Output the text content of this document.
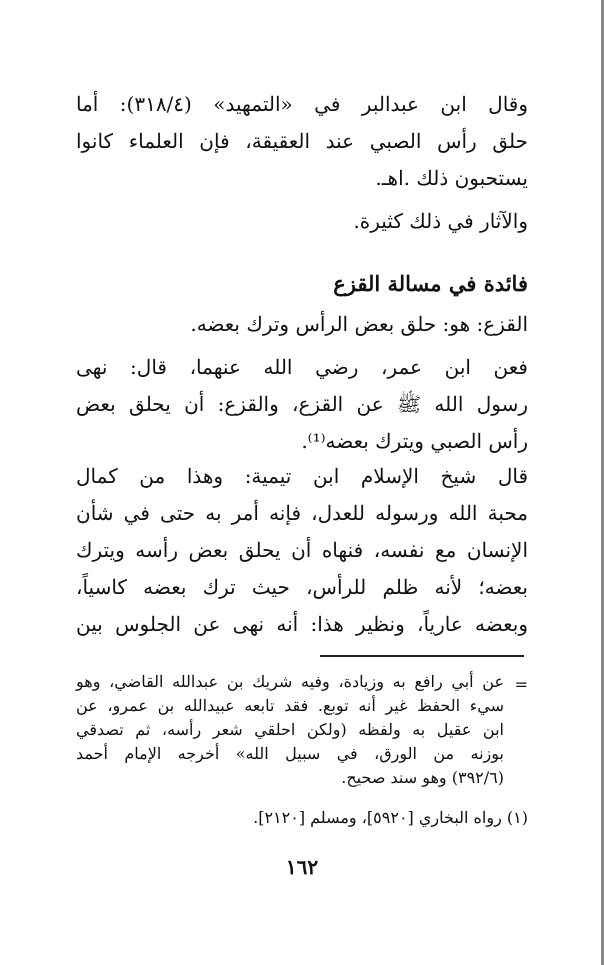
وقال ابن عبدالبر في «التمهيد» (٣١٨/٤): أما
حلق رأس الصبي عند العقيقة، فإن العلماء كانوا
يستحبون ذلك .اهـ.
والآثار في ذلك كثيرة.
فائدة في مسالة القزع
القزع: هو: حلق بعض الرأس وترك بعضه.
فعن ابن عمر، رضي الله عنهما، قال: نهى
رسول الله ﷺ عن القزع، والقزع: أن يحلق بعض
رأس الصبي ويترك بعضه⁽¹⁾.
قال شيخ الإسلام ابن تيمية: وهذا من كمال
محبة الله ورسوله للعدل، فإنه أمر به حتى في شأن
الإنسان مع نفسه، فنهاه أن يحلق بعض رأسه ويترك
بعضه؛ لأنه ظلم للرأس، حيث ترك بعضه كاسياً،
وبعضه عارياً، ونظير هذا: أنه نهى عن الجلوس بين
=
عن أبي رافع به وزيادة، وفيه شريك بن عبدالله القاضي، وهو
سيء الحفظ غير أنه توبع. فقد تابعه عبيدالله بن عمرو، عن
ابن عقيل به ولفظه (ولكن احلقي شعر رأسه، ثم تصدقي
بوزنه من الورق، في سبيل الله» أخرجه الإمام أحمد
(٣٩٢/٦) وهو سند صحيح.
(١) رواه البخاري [٥٩٢٠]، ومسلم [٢١٢٠].
١٦٢
